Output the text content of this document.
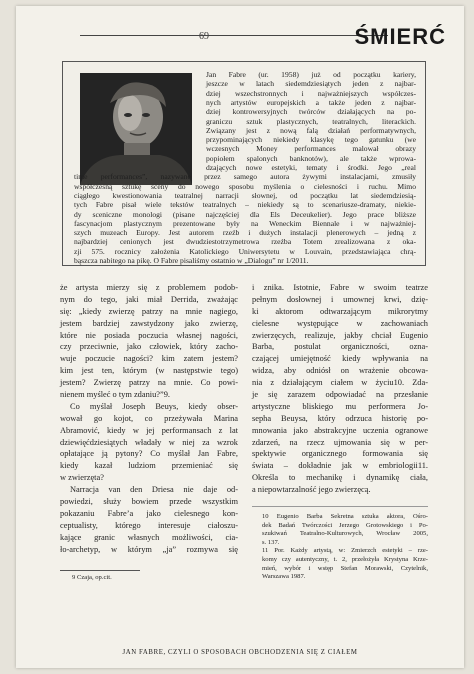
69	ŚMIERĆ
Jan Fabre (ur. 1958) już od początku kariery,
jeszcze w latach siedemdziesiątych jeden z najbar-
dziej wszechstronnych i najważniejszych współczes-
nych artystów europejskich a także jeden z najbar-
dziej kontrowersyjnych twórców działających na po-
graniczu sztuk plastycznych, teatralnych, literackich.
Związany jest z nową falą działań performatywnych,
przypominających niekiedy klasykę tego gatunku (we
wczesnych Money performances malował obrazy
popiołem spalonych banknotów), ale także wprowa-
dzających nowe estetyki, tematy i środki. Jego „real
time performances”, nazywane przez samego autora żywymi instalacjami, zmusiły
współczesną sztukę sceny do nowego sposobu myślenia o cielesności i ruchu. Mimo
ciągłego kwestionowania teatralnej narracji słownej, od początku lat siedemdziesią-
tych Fabre pisał wiele tekstów teatralnych – niekiedy są to scenariusze-dramaty, niekie-
dy sceniczne monologi (pisane najczęściej dla Els Deceukelier). Jego prace bliższe
fascynacjom plastycznym prezentowane były na Weneckim Biennale i w najważniej-
szych muzeach Europy. Jest autorem rzeźb i dużych instalacji plenerowych – jedną z
najbardziej cenionych jest dwudziestotrzymetrowa rzeźba Totem zrealizowana z oka-
zji 575. rocznicy założenia Katolickiego Uniwersytetu w Louvain, przedstawiająca chrą-
bąszcza nabitego na pikę. O Fabre pisaliśmy ostatnio w „Dialogu” nr 1/2011.
że artysta mierzy się z problemem podob-
nym do tego, jaki miał Derrida, zważając
się: „kiedy zwierzę patrzy na mnie nagiego,
jestem bardziej zawstydzony jako zwierzę,
które nie posiada poczucia własnej nagości,
czy przeciwnie, jako człowiek, który zacho-
wuje poczucie nagości? kim zatem jestem?
kim jest ten, którym (w następstwie tego)
jestem? Zwierzę patrzy na mnie. Co powi-
nienem myśleć o tym zdaniu?”9.
Co myślał Joseph Beuys, kiedy obser-
wował go kojot, co przeżywała Marina
Abramović, kiedy w jej performansach z lat
dziewięćdziesiątych władały w niej za wzrok
opłatające ją pytony? Co myślał Jan Fabre,
kiedy kazał ludziom przemieniać się
w zwierzęta?
Narracja van den Driesa nie daje od-
powiedzi, służy bowiem przede wszystkim
pokazaniu Fabre’a jako cielesnego kon-
ceptualisty, którego interesuje ciałoszu-
kające granic własnych możliwości, cia-
ło-archetyp, w którym „ja” rozmywa się
9 Czaja, op.cit.
i znika. Istotnie, Fabre w swoim teatrze
pełnym dosłownej i umownej krwi, dzię-
ki aktorom odtwarzającym mikrorytmy
cielesne występujące w zachowaniach
zwierzęcych, realizuje, jakby chciał Eugenio
Barba, postulat organiczności, ozna-
czającej umiejętność kiedy wpływania na
widza, aby odniósł on wrażenie obcowa-
nia z działającym ciałem w życiu10. Zda-
je się zarazem odpowiadać na przesłanie
artystyczne bliskiego mu performera Jo-
sepha Beuysa, który odrzuca historię po-
mnowania jako abstrakcyjne uczenia ogranowe
zdarzeń, na rzecz ujmowania się w per-
spektywie organicznego formowania się
świata – dokładnie jak w embriologii11.
Określa to mechanikę i dynamikę ciała,
a niepowtarzalność jego zwierzęcą.
10 Eugenio Barba Sekretna sztuka aktora, Ośro-
dek Badań Twórczości Jerzego Grotowskiego i Po-
szukiwań Teatralno-Kulturowych, Wrocław 2005,
s. 137.
11 Por. Każdy artystą, w: Zmierzch estetyki – rze-
komy czy autentyczny, t. 2, przełożyła Krystyna Krze-
mień, wybór i wstęp Stefan Morawski, Czytelnik,
Warszawa 1987.
JAN FABRE, CZYLI O SPOSOBACH OBCHODZENIA SIĘ Z CIAŁEM
